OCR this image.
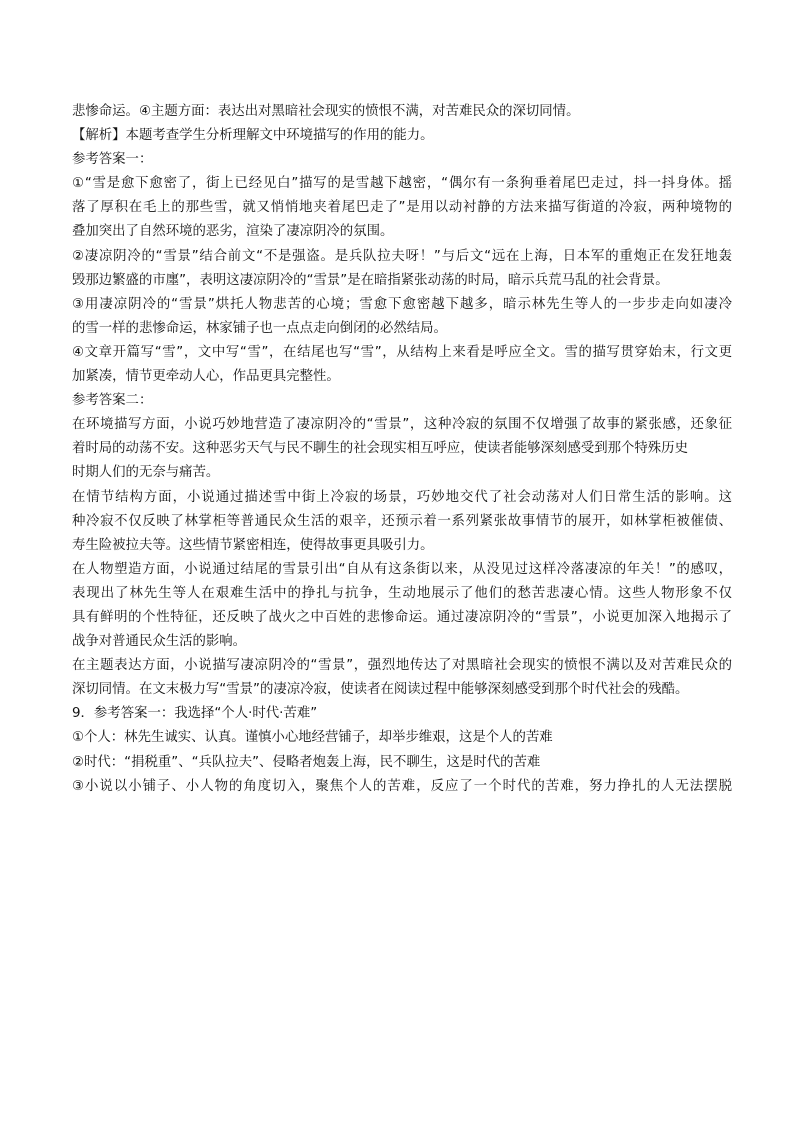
悲惨命运。④主题方面：表达出对黑暗社会现实的愤恨不满，对苦难民众的深切同情。
【解析】本题考查学生分析理解文中环境描写的作用的能力。
参考答案一：
①“雪是愈下愈密了，街上已经见白”描写的是雪越下越密，“偶尔有一条狗垂着尾巴走过，抖一抖身体。摇
落了厚积在毛上的那些雪，就又悄悄地夹着尾巴走了”是用以动衬静的方法来描写街道的冷寂，两种境物的
叠加突出了自然环境的恶劣，渲染了凄凉阴冷的氛围。
②凄凉阴冷的“雪景”结合前文“不是强盗。是兵队拉夫呀！”与后文“远在上海，日本军的重炮正在发狂地轰
毁那边繁盛的市廛”，表明这凄凉阴冷的“雪景”是在暗指紧张动荡的时局，暗示兵荒马乱的社会背景。
③用凄凉阴冷的“雪景”烘托人物悲苦的心境；雪愈下愈密越下越多，暗示林先生等人的一步步走向如凄冷
的雪一样的悲惨命运，林家铺子也一点点走向倒闭的必然结局。
④文章开篇写“雪”，文中写“雪”，在结尾也写“雪”，从结构上来看是呼应全文。雪的描写贯穿始末，行文更
加紧凑，情节更牵动人心，作品更具完整性。
参考答案二：
在环境描写方面，小说巧妙地营造了凄凉阴冷的“雪景”，这种冷寂的氛围不仅增强了故事的紧张感，还象征
着时局的动荡不安。这种恶劣天气与民不聊生的社会现实相互呼应，使读者能够深刻感受到那个特殊历史
时期人们的无奈与痛苦。
在情节结构方面，小说通过描述雪中街上冷寂的场景，巧妙地交代了社会动荡对人们日常生活的影响。这
种冷寂不仅反映了林掌柜等普通民众生活的艰辛，还预示着一系列紧张故事情节的展开，如林掌柜被催债、
寿生险被拉夫等。这些情节紧密相连，使得故事更具吸引力。
在人物塑造方面，小说通过结尾的雪景引出“自从有这条街以来，从没见过这样冷落凄凉的年关！”的感叹，
表现出了林先生等人在艰难生活中的挣扎与抗争，生动地展示了他们的愁苦悲凄心情。这些人物形象不仅
具有鲜明的个性特征，还反映了战火之中百姓的悲惨命运。通过凄凉阴冷的“雪景”，小说更加深入地揭示了
战争对普通民众生活的影响。
在主题表达方面，小说描写凄凉阴冷的“雪景”，强烈地传达了对黑暗社会现实的愤恨不满以及对苦难民众的
深切同情。在文末极力写“雪景”的凄凉冷寂，使读者在阅读过程中能够深刻感受到那个时代社会的残酷。
9．参考答案一：我选择“个人·时代·苦难”
①个人：林先生诚实、认真。谨慎小心地经营铺子，却举步维艰，这是个人的苦难
②时代：“捐税重”、“兵队拉夫”、侵略者炮轰上海，民不聊生，这是时代的苦难
③小说以小铺子、小人物的角度切入，聚焦个人的苦难，反应了一个时代的苦难，努力挣扎的人无法摆脱
